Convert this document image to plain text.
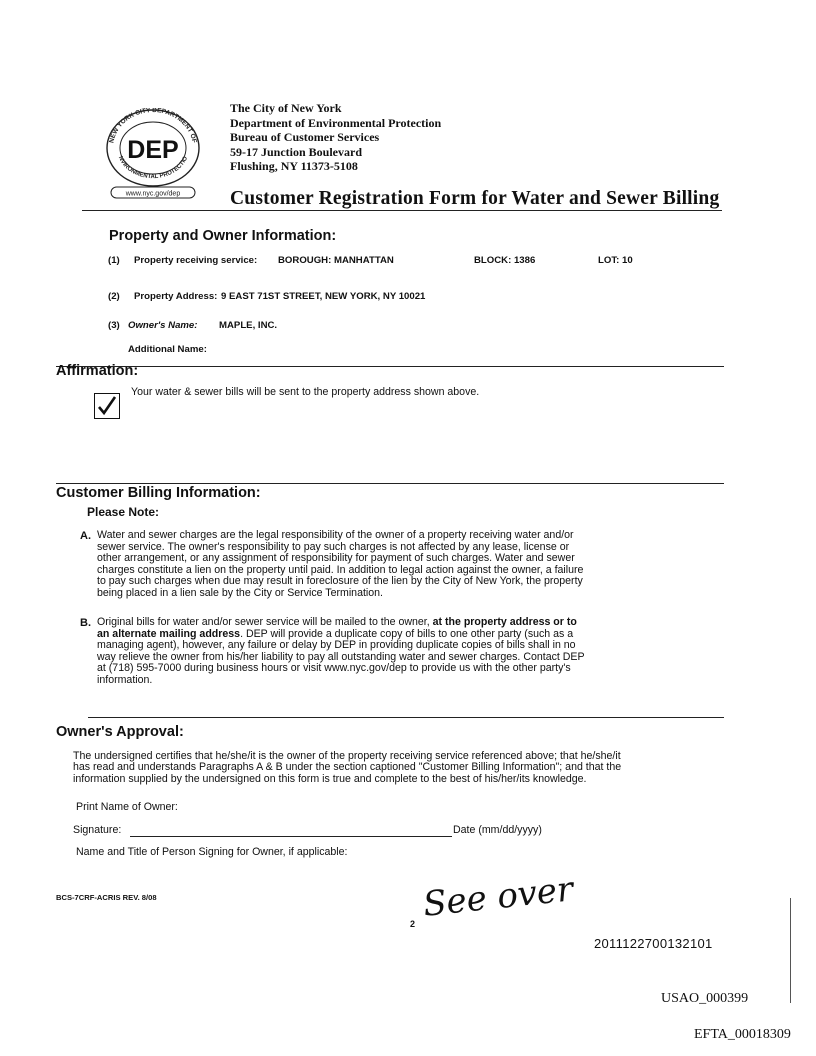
NEW YORK CITY DEPARTMENT OF
NVIRONMENTAL PROTECTIO
DEP
www.nyc.gov/dep
The City of New York
Department of Environmental Protection
Bureau of Customer Services
59-17 Junction Boulevard
Flushing, NY 11373-5108
Customer Registration Form for Water and Sewer Billing
Property and Owner Information:
(1) Property receiving service: BOROUGH: MANHATTAN	BLOCK: 1386	LOT: 10
(2) Property Address: 9 EAST 71ST STREET, NEW YORK, NY 10021
(3) Owner's Name: MAPLE, INC.
Additional Name:
Affirmation:
Your water & sewer bills will be sent to the property address shown above.
Customer Billing Information:
Please Note:
A. Water and sewer charges are the legal responsibility of the owner of a property receiving water and/or
sewer service. The owner's responsibility to pay such charges is not affected by any lease, license or
other arrangement, or any assignment of responsibility for payment of such charges. Water and sewer
charges constitute a lien on the property until paid. In addition to legal action against the owner, a failure
to pay such charges when due may result in foreclosure of the lien by the City of New York, the property
being placed in a lien sale by the City or Service Termination.
B. Original bills for water and/or sewer service will be mailed to the owner, at the property address or to
an alternate mailing address. DEP will provide a duplicate copy of bills to one other party (such as a
managing agent), however, any failure or delay by DEP in providing duplicate copies of bills shall in no
way relieve the owner from his/her liability to pay all outstanding water and sewer charges. Contact DEP
at (718) 595-7000 during business hours or visit www.nyc.gov/dep to provide us with the other party's
information.
Owner's Approval:
The undersigned certifies that he/she/it is the owner of the property receiving service referenced above; that he/she/it
has read and understands Paragraphs A & B under the section captioned "Customer Billing Information"; and that the
information supplied by the undersigned on this form is true and complete to the best of his/her/its knowledge.
Print Name of Owner:
Signature:	Date (mm/dd/yyyy)
Name and Title of Person Signing for Owner, if applicable:
BCS-7CRF-ACRIS REV. 8/08
2 See over
2011122700132101
USAO_000399
EFTA_00018309
